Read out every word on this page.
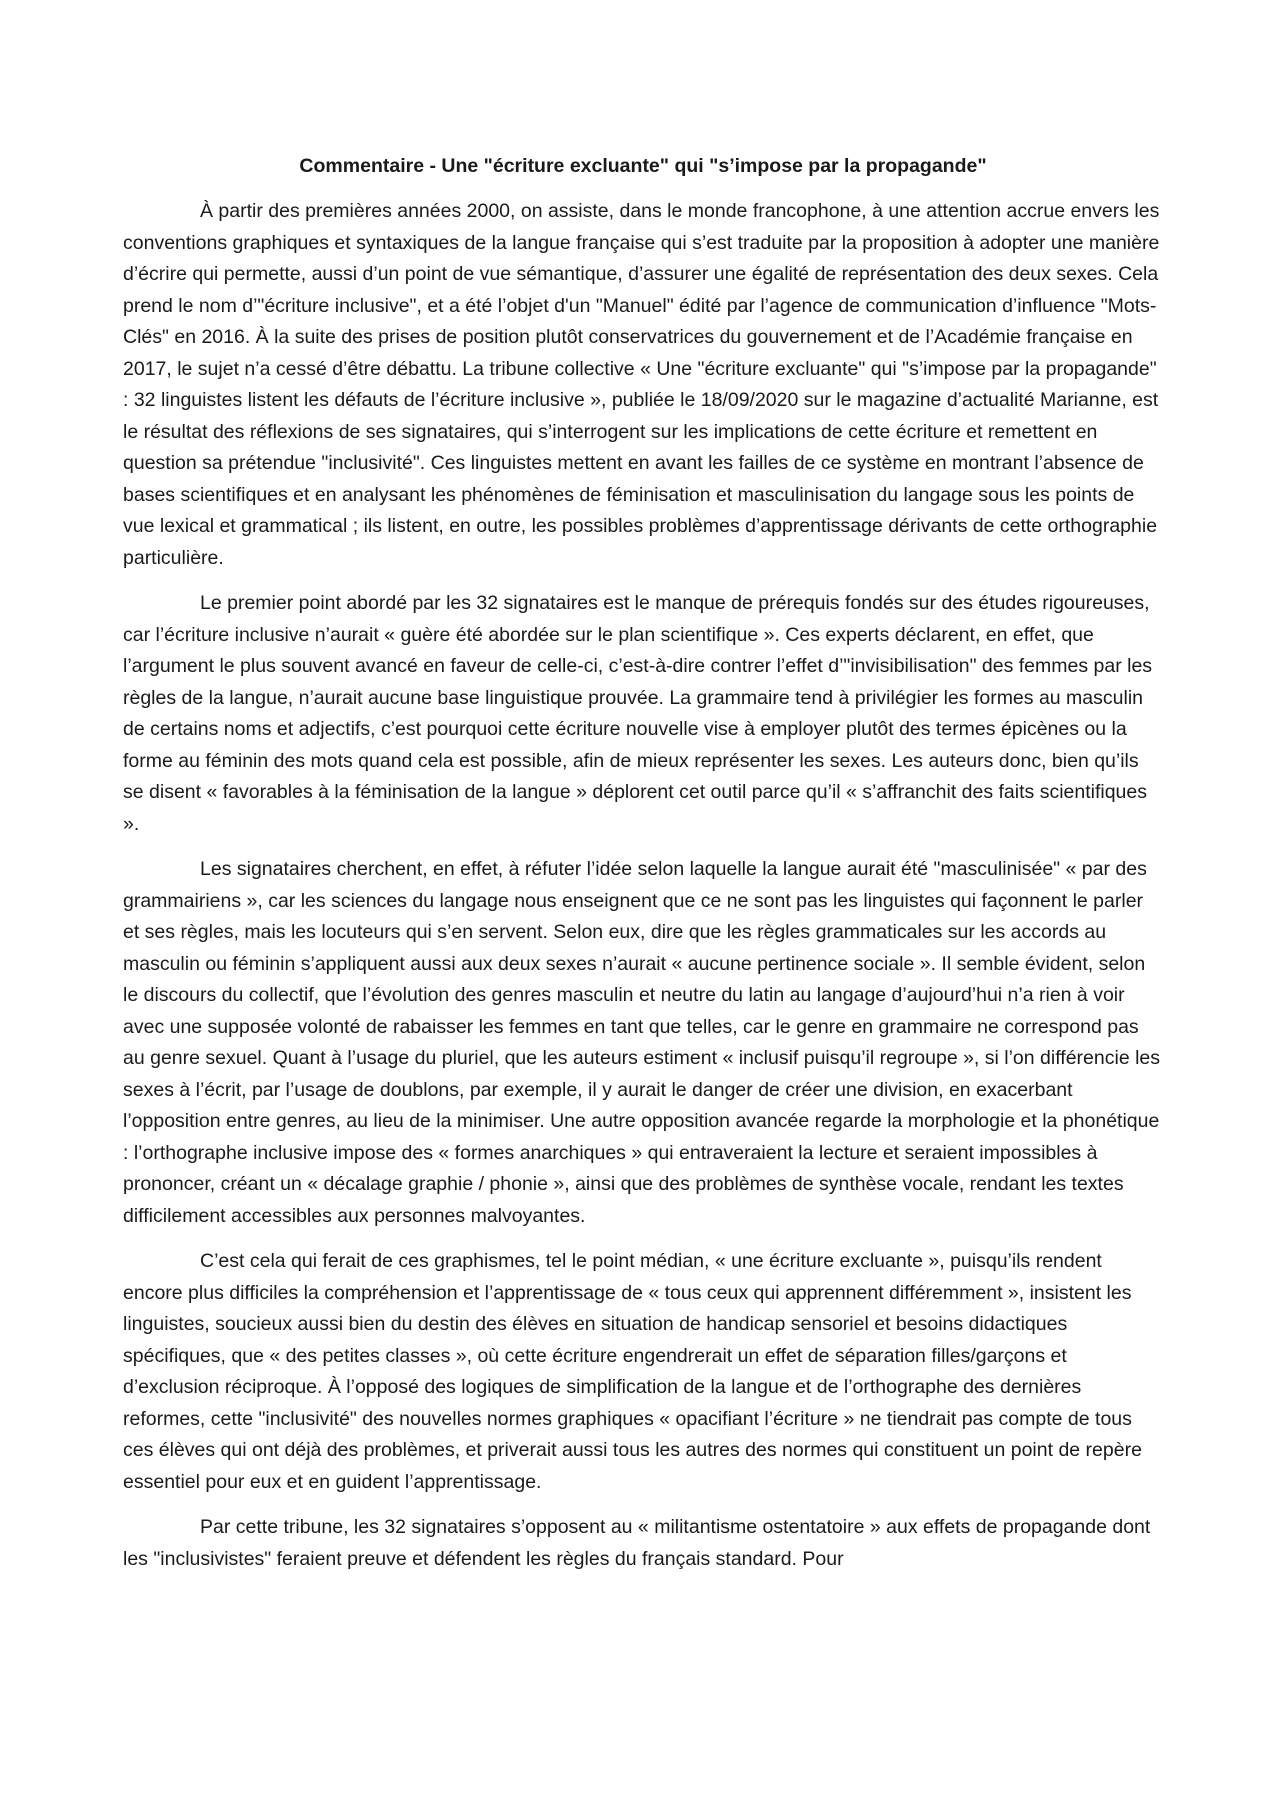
Commentaire - Une "écriture excluante" qui "s’impose par la propagande"

À partir des premières années 2000, on assiste, dans le monde francophone, à une attention accrue envers les conventions graphiques et syntaxiques de la langue française qui s’est traduite par la proposition à adopter une manière d’écrire qui permette, aussi d’un point de vue sémantique, d’assurer une égalité de représentation des deux sexes. Cela prend le nom d’"écriture inclusive", et a été l’objet d'un "Manuel" édité par l’agence de communication d’influence "Mots-Clés" en 2016. À la suite des prises de position plutôt conservatrices du gouvernement et de l’Académie française en 2017, le sujet n’a cessé d’être débattu. La tribune collective « Une "écriture excluante" qui "s’impose par la propagande" : 32 linguistes listent les défauts de l’écriture inclusive », publiée le 18/09/2020 sur le magazine d’actualité Marianne, est le résultat des réflexions de ses signataires, qui s’interrogent sur les implications de cette écriture et remettent en question sa prétendue "inclusivité". Ces linguistes mettent en avant les failles de ce système en montrant l’absence de bases scientifiques et en analysant les phénomènes de féminisation et masculinisation du langage sous les points de vue lexical et grammatical ; ils listent, en outre, les possibles problèmes d’apprentissage dérivants de cette orthographie particulière.

Le premier point abordé par les 32 signataires est le manque de prérequis fondés sur des études rigoureuses, car l’écriture inclusive n’aurait « guère été abordée sur le plan scientifique ». Ces experts déclarent, en effet, que l’argument le plus souvent avancé en faveur de celle-ci, c’est-à-dire contrer l’effet d’"invisibilisation" des femmes par les règles de la langue, n’aurait aucune base linguistique prouvée. La grammaire tend à privilégier les formes au masculin de certains noms et adjectifs, c’est pourquoi cette écriture nouvelle vise à employer plutôt des termes épicènes ou la forme au féminin des mots quand cela est possible, afin de mieux représenter les sexes. Les auteurs donc, bien qu’ils se disent « favorables à la féminisation de la langue » déplorent cet outil parce qu’il « s’affranchit des faits scientifiques ».

Les signataires cherchent, en effet, à réfuter l’idée selon laquelle la langue aurait été "masculinisée" « par des grammairiens », car les sciences du langage nous enseignent que ce ne sont pas les linguistes qui façonnent le parler et ses règles, mais les locuteurs qui s’en servent. Selon eux, dire que les règles grammaticales sur les accords au masculin ou féminin s’appliquent aussi aux deux sexes n’aurait « aucune pertinence sociale ». Il semble évident, selon le discours du collectif, que l’évolution des genres masculin et neutre du latin au langage d’aujourd’hui n’a rien à voir avec une supposée volonté de rabaisser les femmes en tant que telles, car le genre en grammaire ne correspond pas au genre sexuel. Quant à l’usage du pluriel, que les auteurs estiment « inclusif puisqu’il regroupe », si l’on différencie les sexes à l’écrit, par l’usage de doublons, par exemple, il y aurait le danger de créer une division, en exacerbant l’opposition entre genres, au lieu de la minimiser. Une autre opposition avancée regarde la morphologie et la phonétique : l’orthographe inclusive impose des « formes anarchiques » qui entraveraient la lecture et seraient impossibles à prononcer, créant un « décalage graphie / phonie », ainsi que des problèmes de synthèse vocale, rendant les textes difficilement accessibles aux personnes malvoyantes.

C’est cela qui ferait de ces graphismes, tel le point médian, « une écriture excluante », puisqu’ils rendent encore plus difficiles la compréhension et l’apprentissage de « tous ceux qui apprennent différemment », insistent les linguistes, soucieux aussi bien du destin des élèves en situation de handicap sensoriel et besoins didactiques spécifiques, que « des petites classes », où cette écriture engendrerait un effet de séparation filles/garçons et d’exclusion réciproque. À l’opposé des logiques de simplification de la langue et de l’orthographe des dernières reformes, cette "inclusivité" des nouvelles normes graphiques « opacifiant l’écriture » ne tiendrait pas compte de tous ces élèves qui ont déjà des problèmes, et priverait aussi tous les autres des normes qui constituent un point de repère essentiel pour eux et en guident l’apprentissage.

Par cette tribune, les 32 signataires s’opposent au « militantisme ostentatoire » aux effets de propagande dont les "inclusivistes" feraient preuve et défendent les règles du français standard. Pour
